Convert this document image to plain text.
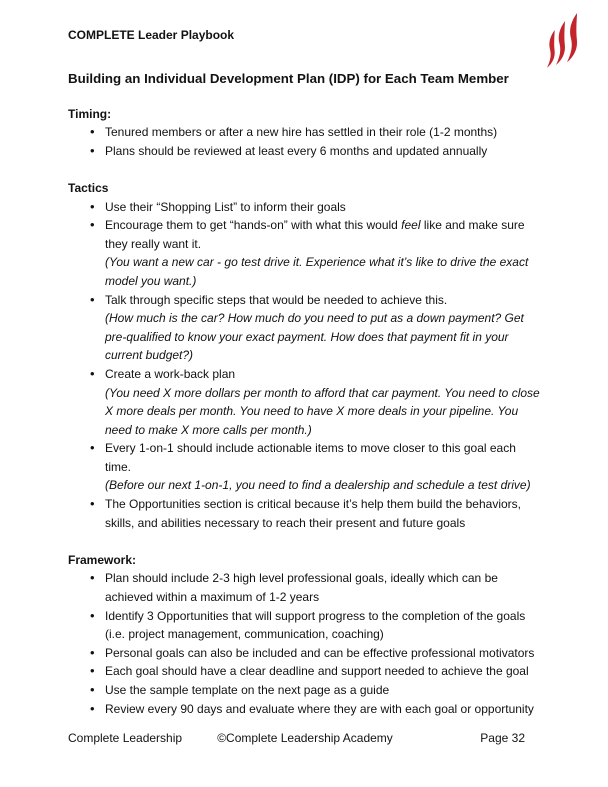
COMPLETE Leader Playbook
Building an Individual Development Plan (IDP) for Each Team Member
Timing:
• Tenured members or after a new hire has settled in their role (1-2 months)
• Plans should be reviewed at least every 6 months and updated annually
Tactics
• Use their “Shopping List” to inform their goals
• Encourage them to get “hands-on” with what this would feel like and make sure they really want it.
(You want a new car - go test drive it. Experience what it’s like to drive the exact model you want.)
• Talk through specific steps that would be needed to achieve this.
(How much is the car? How much do you need to put as a down payment? Get pre-qualified to know your exact payment. How does that payment fit in your current budget?)
• Create a work-back plan
(You need X more dollars per month to afford that car payment. You need to close X more deals per month. You need to have X more deals in your pipeline. You need to make X more calls per month.)
• Every 1-on-1 should include actionable items to move closer to this goal each time.
(Before our next 1-on-1, you need to find a dealership and schedule a test drive)
• The Opportunities section is critical because it’s help them build the behaviors, skills, and abilities necessary to reach their present and future goals
Framework:
• Plan should include 2-3 high level professional goals, ideally which can be achieved within a maximum of 1-2 years
• Identify 3 Opportunities that will support progress to the completion of the goals (i.e. project management, communication, coaching)
• Personal goals can also be included and can be effective professional motivators
• Each goal should have a clear deadline and support needed to achieve the goal
• Use the sample template on the next page as a guide
• Review every 90 days and evaluate where they are with each goal or opportunity
Complete Leadership	©Complete Leadership Academy	Page 32
